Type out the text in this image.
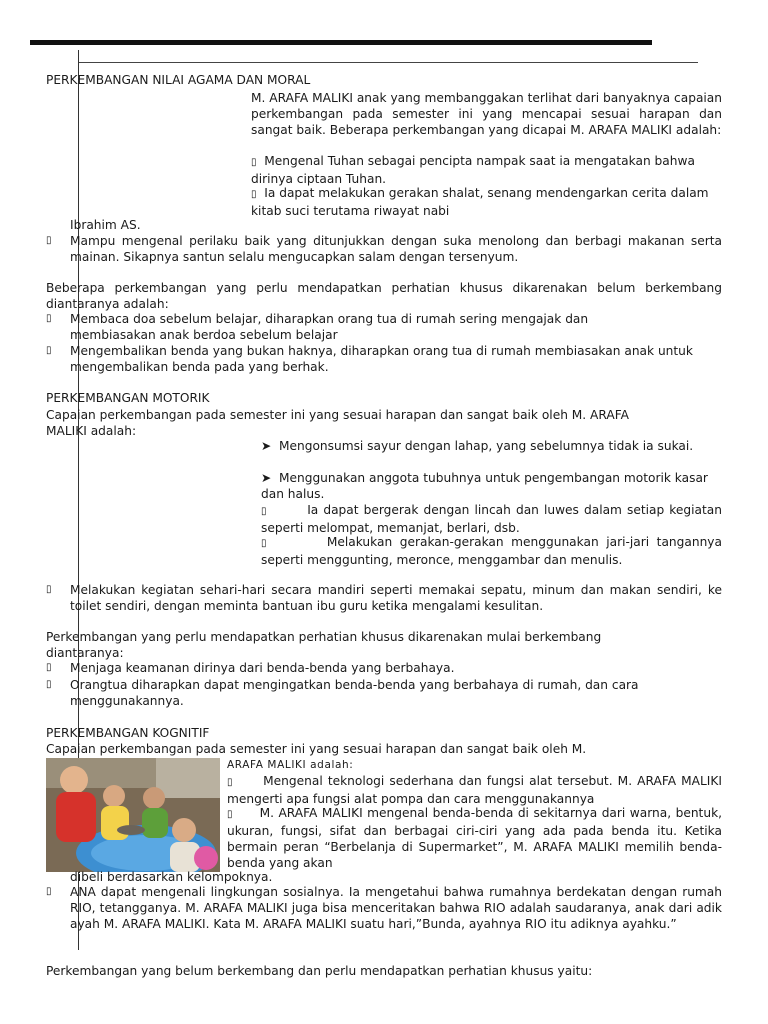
PERKEMBANGAN NILAI AGAMA DAN MORAL

M. ARAFA MALIKI anak yang membanggakan terlihat dari banyaknya capaian perkembangan pada semester ini yang mencapai sesuai harapan dan sangat baik. Beberapa perkembangan yang dicapai M. ARAFA MALIKI adalah:

▯ Mengenal Tuhan sebagai pencipta nampak saat ia mengatakan bahwa dirinya ciptaan Tuhan.
▯ Ia dapat melakukan gerakan shalat, senang mendengarkan cerita dalam kitab suci terutama riwayat nabi
Ibrahim AS.
▯	Mampu mengenal perilaku baik yang ditunjukkan dengan suka menolong dan berbagi makanan serta mainan. Sikapnya santun selalu mengucapkan salam dengan tersenyum.

Beberapa perkembangan yang perlu mendapatkan perhatian khusus dikarenakan belum berkembang diantaranya adalah:

▯	Membaca doa sebelum belajar, diharapkan orang tua di rumah sering mengajak dan membiasakan anak berdoa sebelum belajar

▯	Mengembalikan benda yang bukan haknya, diharapkan orang tua di rumah membiasakan anak untuk mengembalikan benda pada yang berhak.

PERKEMBANGAN MOTORIK

Capaian perkembangan pada semester ini yang sesuai harapan dan sangat baik oleh M. ARAFA MALIKI adalah:

➤ Mengonsumsi sayur dengan lahap, yang sebelumnya tidak ia sukai.
➤ Menggunakan anggota tubuhnya untuk pengembangan motorik kasar dan halus.
▯	Ia dapat bergerak dengan lincah dan luwes dalam setiap kegiatan seperti melompat, memanjat, berlari, dsb.
▯	Melakukan gerakan-gerakan menggunakan jari-jari tangannya seperti menggunting, meronce, menggambar dan menulis.
▯	Melakukan kegiatan sehari-hari secara mandiri seperti memakai sepatu, minum dan makan sendiri, ke toilet sendiri, dengan meminta bantuan ibu guru ketika mengalami kesulitan.

Perkembangan yang perlu mendapatkan perhatian khusus dikarenakan mulai berkembang diantaranya:

▯	Menjaga keamanan dirinya dari benda-benda yang berbahaya.

▯	Orangtua diharapkan dapat mengingatkan benda-benda yang berbahaya di rumah, dan cara menggunakannya.

PERKEMBANGAN KOGNITIF

Capaian perkembangan pada semester ini yang sesuai harapan dan sangat baik oleh M.

ARAFA MALIKI adalah:
▯	Mengenal teknologi sederhana dan fungsi alat tersebut. M. ARAFA MALIKI mengerti apa fungsi alat pompa dan cara menggunakannya
▯ M. ARAFA MALIKI mengenal benda-benda di sekitarnya dari warna, bentuk, ukuran, fungsi, sifat dan berbagai ciri-ciri yang ada pada benda itu. Ketika bermain peran “Berbelanja di Supermarket”, M. ARAFA MALIKI memilih benda-benda yang akan
dibeli berdasarkan kelompoknya.
▯	ANA dapat mengenali lingkungan sosialnya. Ia mengetahui bahwa rumahnya berdekatan dengan rumah RIO, tetangganya. M. ARAFA MALIKI juga bisa menceritakan bahwa RIO adalah saudaranya, anak dari adik ayah M. ARAFA MALIKI. Kata M. ARAFA MALIKI suatu hari,”Bunda, ayahnya RIO itu adiknya ayahku.”

Perkembangan yang belum berkembang dan perlu mendapatkan perhatian khusus yaitu:
